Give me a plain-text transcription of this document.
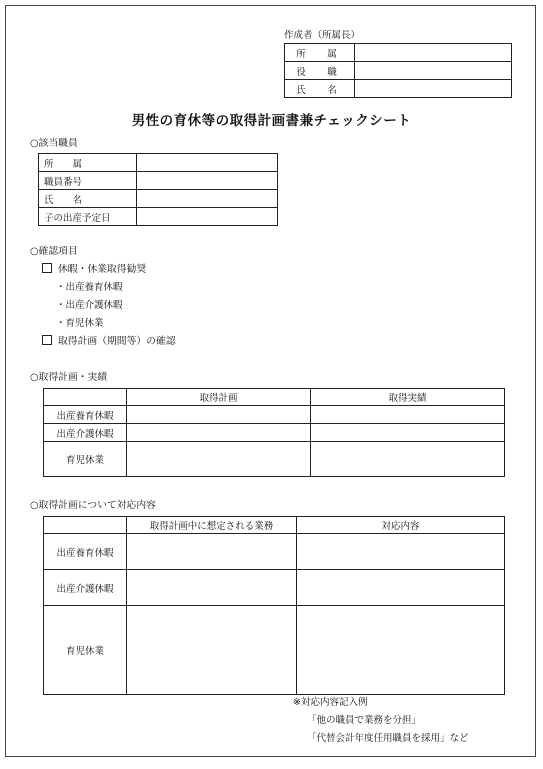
作成者（所属長）
所　属	
役　職	
氏　名	
男性の育休等の取得計画書兼チェックシート
○該当職員
所　　属	
職員番号	
氏　　名	
子の出産予定日	
○確認項目
休暇・休業取得勧奨
・出産養育休暇
・出産介護休暇
・育児休業
取得計画（期間等）の確認
○取得計画・実績
	取得計画	取得実績
出産養育休暇		
出産介護休暇		
育児休業		
○取得計画について対応内容
	取得計画中に想定される業務	対応内容
出産養育休暇		
出産介護休暇		
育児休業		
※対応内容記入例
「他の職員で業務を分担」
「代替会計年度任用職員を採用」など
